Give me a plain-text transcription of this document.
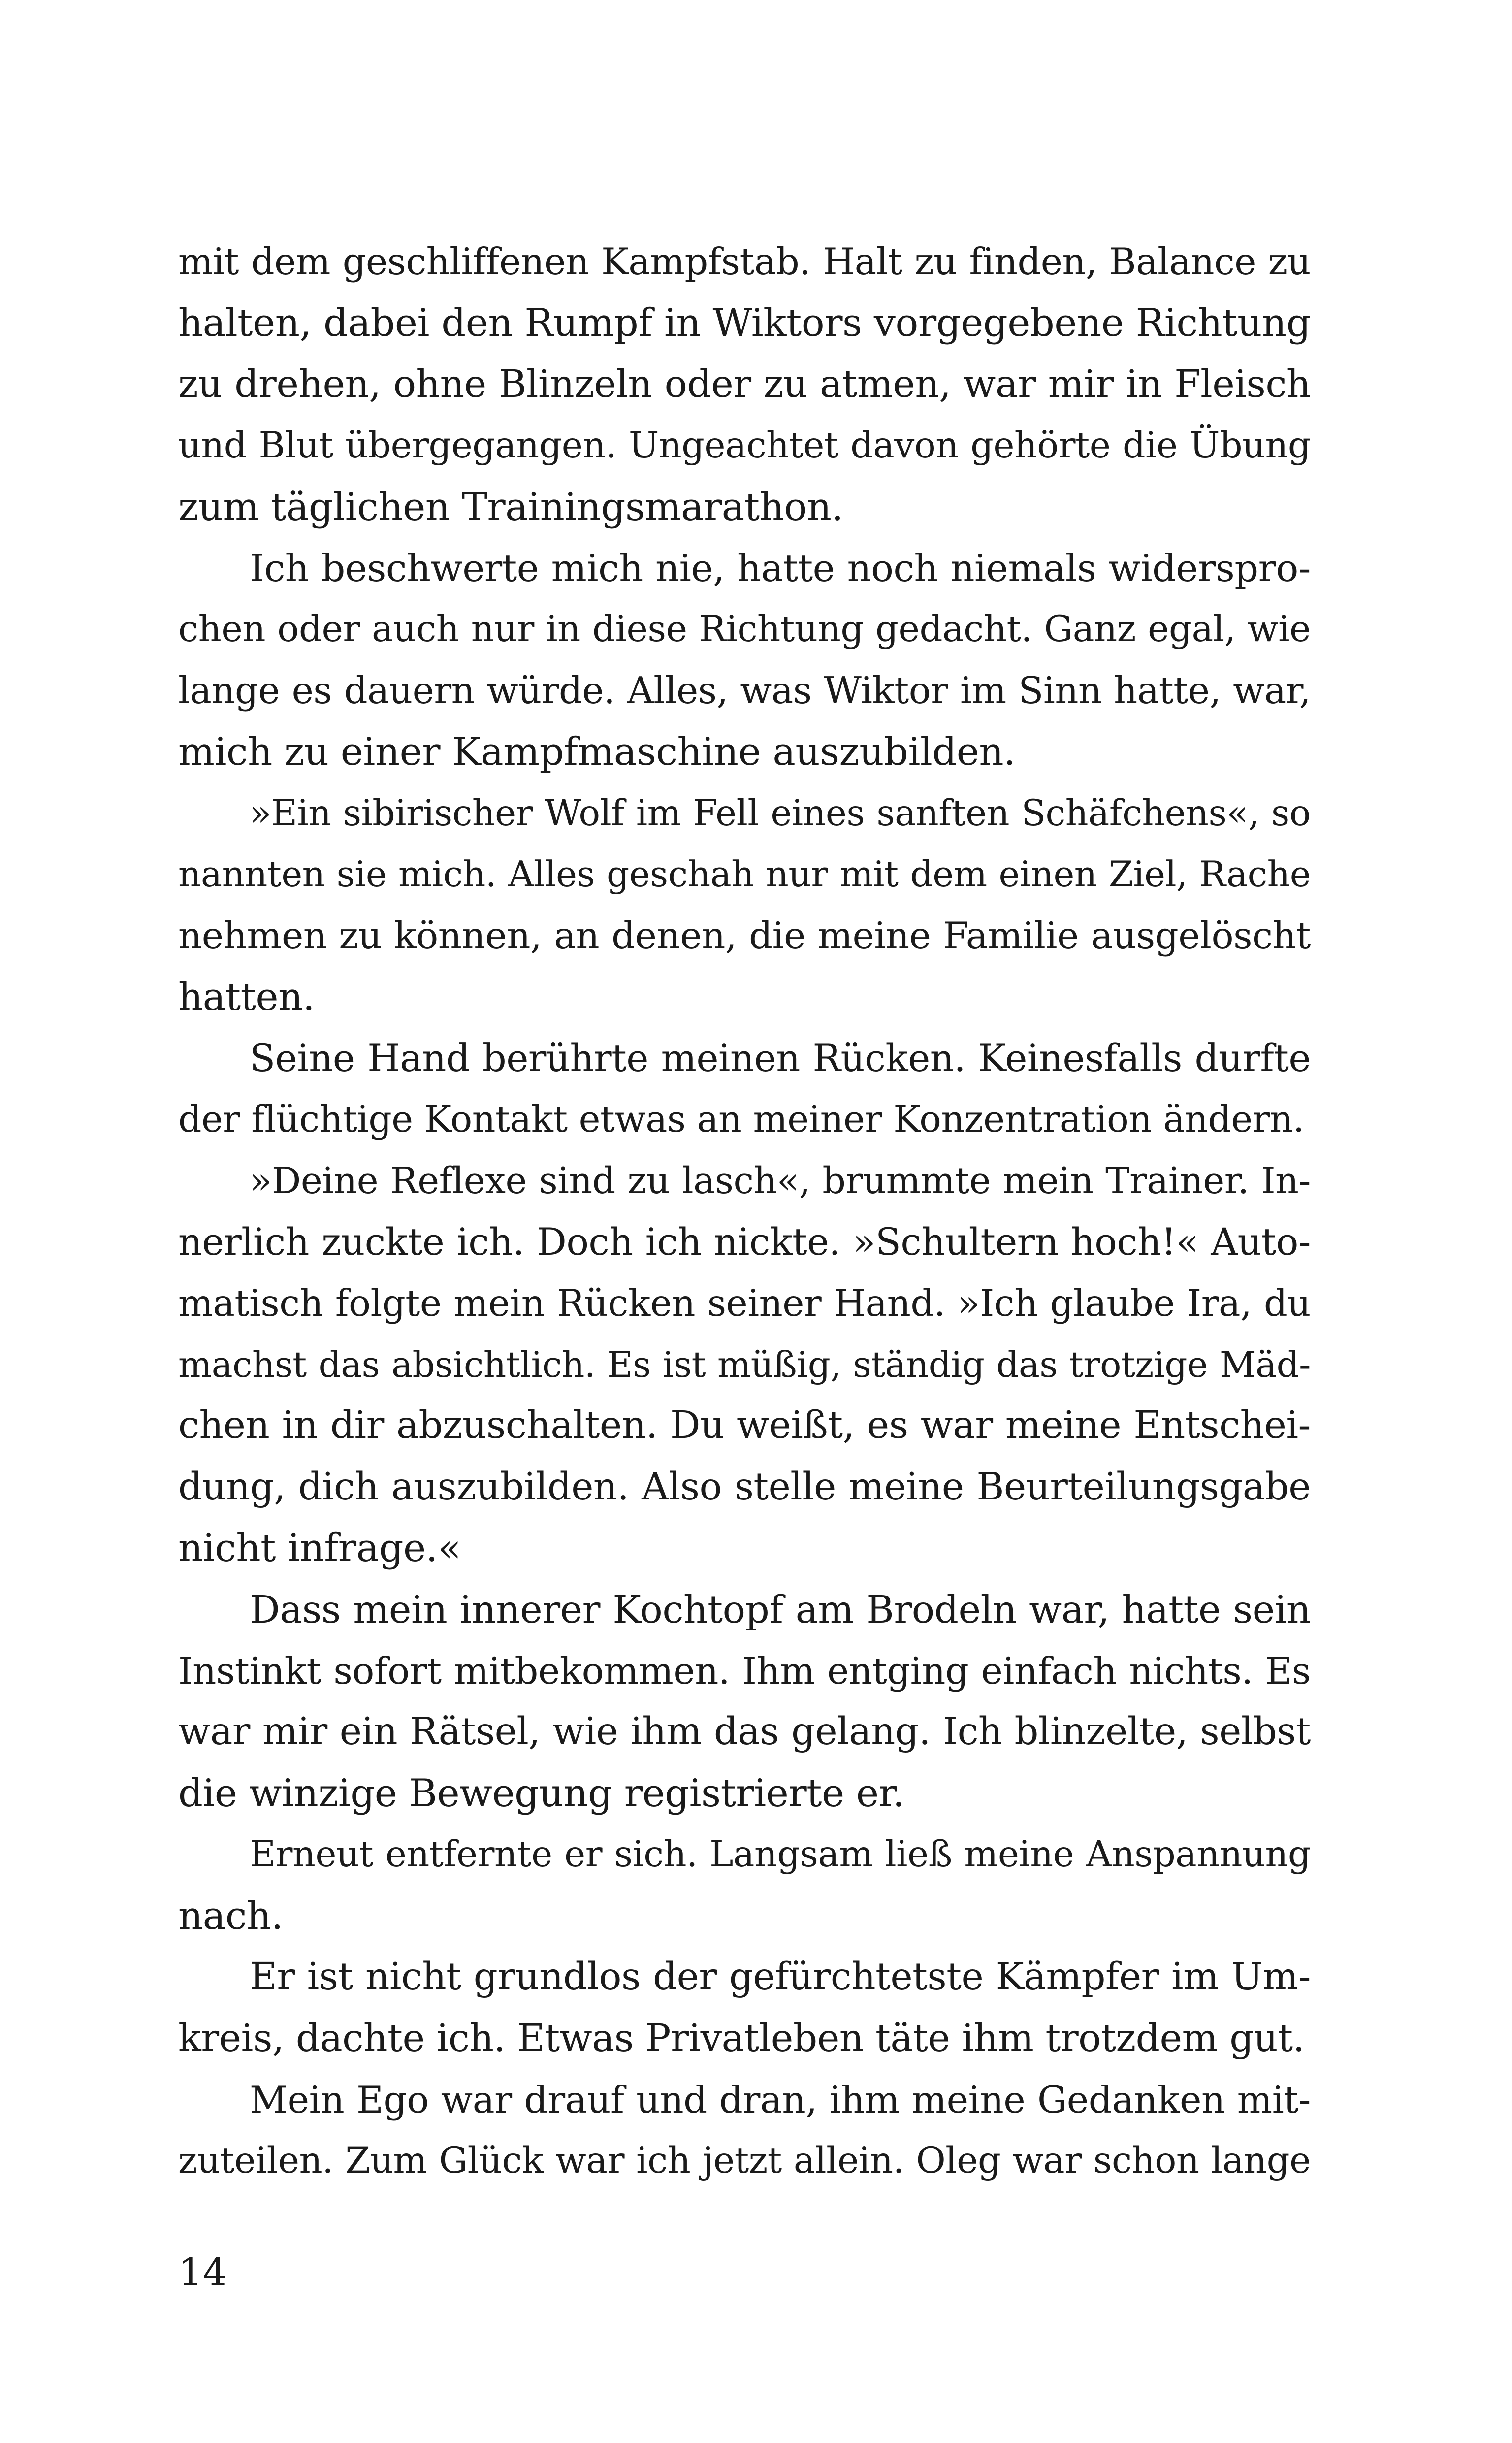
mit dem geschliffenen Kampfstab. Halt zu finden, Balance zu
halten, dabei den Rumpf in Wiktors vorgegebene Richtung
zu drehen, ohne Blinzeln oder zu atmen, war mir in Fleisch
und Blut übergegangen. Ungeachtet davon gehörte die Übung
zum täglichen Trainingsmarathon.
Ich beschwerte mich nie, hatte noch niemals widerspro-
chen oder auch nur in diese Richtung gedacht. Ganz egal, wie
lange es dauern würde. Alles, was Wiktor im Sinn hatte, war,
mich zu einer Kampfmaschine auszubilden.
»Ein sibirischer Wolf im Fell eines sanften Schäfchens«, so
nannten sie mich. Alles geschah nur mit dem einen Ziel, Rache
nehmen zu können, an denen, die meine Familie ausgelöscht
hatten.
Seine Hand berührte meinen Rücken. Keinesfalls durfte
der flüchtige Kontakt etwas an meiner Konzentration ändern.
»Deine Reflexe sind zu lasch«, brummte mein Trainer. In-
nerlich zuckte ich. Doch ich nickte. »Schultern hoch!« Auto-
matisch folgte mein Rücken seiner Hand. »Ich glaube Ira, du
machst das absichtlich. Es ist müßig, ständig das trotzige Mäd-
chen in dir abzuschalten. Du weißt, es war meine Entschei-
dung, dich auszubilden. Also stelle meine Beurteilungsgabe
nicht infrage.«
Dass mein innerer Kochtopf am Brodeln war, hatte sein
Instinkt sofort mitbekommen. Ihm entging einfach nichts. Es
war mir ein Rätsel, wie ihm das gelang. Ich blinzelte, selbst
die winzige Bewegung registrierte er.
Erneut entfernte er sich. Langsam ließ meine Anspannung
nach.
Er ist nicht grundlos der gefürchtetste Kämpfer im Um-
kreis, dachte ich. Etwas Privatleben täte ihm trotzdem gut.
Mein Ego war drauf und dran, ihm meine Gedanken mit-
zuteilen. Zum Glück war ich jetzt allein. Oleg war schon lange
14
